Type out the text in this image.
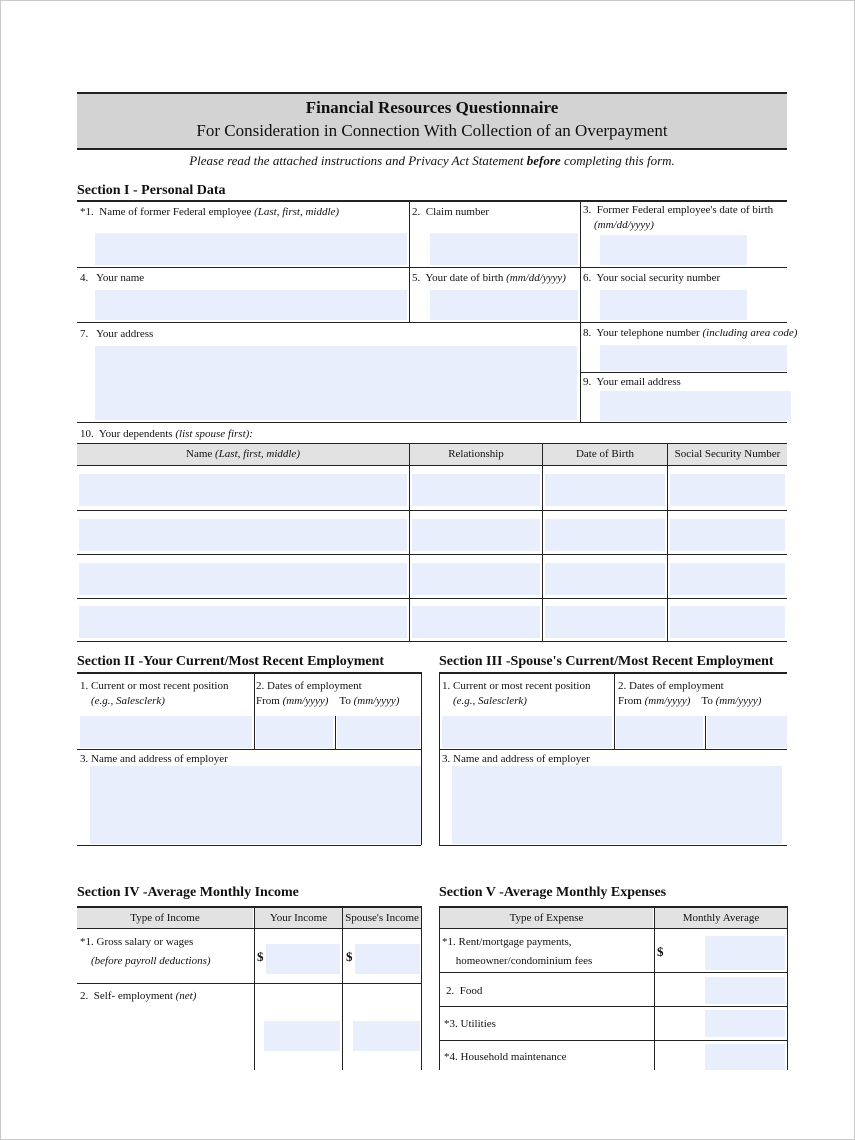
Financial Resources Questionnaire
For Consideration in Connection With Collection of an Overpayment
Please read the attached instructions and Privacy Act Statement before completing this form.
Section I - Personal Data
*1. Name of former Federal employee (Last, first, middle)	2. Claim number	3. Former Federal employee's date of birth
(mm/dd/yyyy)
4. Your name	5. Your date of birth (mm/dd/yyyy) 6. Your social security number
7. Your address	8. Your telephone number (including area code)
9. Your email address
10. Your dependents (list spouse first):
Name (Last, first, middle)	Relationship	Date of Birth	Social Security Number
Section II -Your Current/Most Recent Employment
1. Current or most recent position
(e.g., Salesclerk)
2. Dates of employment
From (mm/yyyy) To (mm/yyyy)
3. Name and address of employer
Section III -Spouse's Current/Most Recent Employment
1. Current or most recent position
(e.g., Salesclerk)
2. Dates of employment
From (mm/yyyy) To (mm/yyyy)
3. Name and address of employer
Section IV -Average Monthly Income
Type of Income	Your Income	Spouse's Income
*1. Gross salary or wages
(before payroll deductions)	$	$
2. Self- employment (net)
Section V -Average Monthly Expenses
Type of Expense	Monthly Average
*1. Rent/mortgage payments,
homeowner/condominium fees
$
2. Food
*3. Utilities
*4. Household maintenance
